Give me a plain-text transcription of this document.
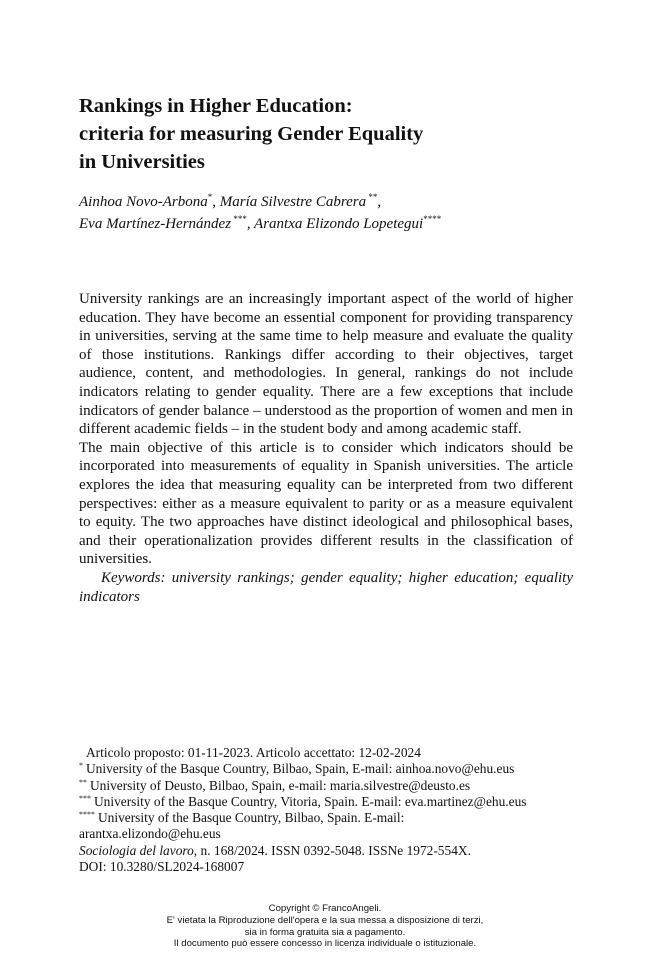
Rankings in Higher Education:
criteria for measuring Gender Equality
in Universities
Ainhoa Novo-Arbona*, María Silvestre Cabrera **,
Eva Martínez-Hernández ***, Arantxa Elizondo Lopetegui****

University rankings are an increasingly important aspect of the world of higher education. They have become an essential component for providing transparency in universities, serving at the same time to help measure and evaluate the quality of those institutions. Rankings differ according to their objectives, target audience, content, and methodologies. In general, rankings do not include indicators relating to gender equality. There are a few exceptions that include indicators of gender balance – understood as the proportion of women and men in different academic fields – in the student body and among academic staff.

The main objective of this article is to consider which indicators should be incorporated into measurements of equality in Spanish universities. The article explores the idea that measuring equality can be interpreted from two different perspectives: either as a measure equivalent to parity or as a measure equivalent to equity. The two approaches have distinct ideological and philosophical bases, and their operationalization provides different results in the classification of universities.

Keywords: university rankings; gender equality; higher education; equality indicators

Articolo proposto: 01-11-2023. Articolo accettato: 12-02-2024
* University of the Basque Country, Bilbao, Spain, E-mail: ainhoa.novo@ehu.eus
** University of Deusto, Bilbao, Spain, e-mail: maria.silvestre@deusto.es
*** University of the Basque Country, Vitoria, Spain. E-mail: eva.martinez@ehu.eus
**** University of the Basque Country, Bilbao, Spain. E-mail:
arantxa.elizondo@ehu.eus
Sociologia del lavoro, n. 168/2024. ISSN 0392-5048. ISSNe 1972-554X.
DOI: 10.3280/SL2024-168007
Copyright © FrancoAngeli.
E' vietata la Riproduzione dell'opera e la sua messa a disposizione di terzi,
sia in forma gratuita sia a pagamento.
Il documento può essere concesso in licenza individuale o istituzionale.
